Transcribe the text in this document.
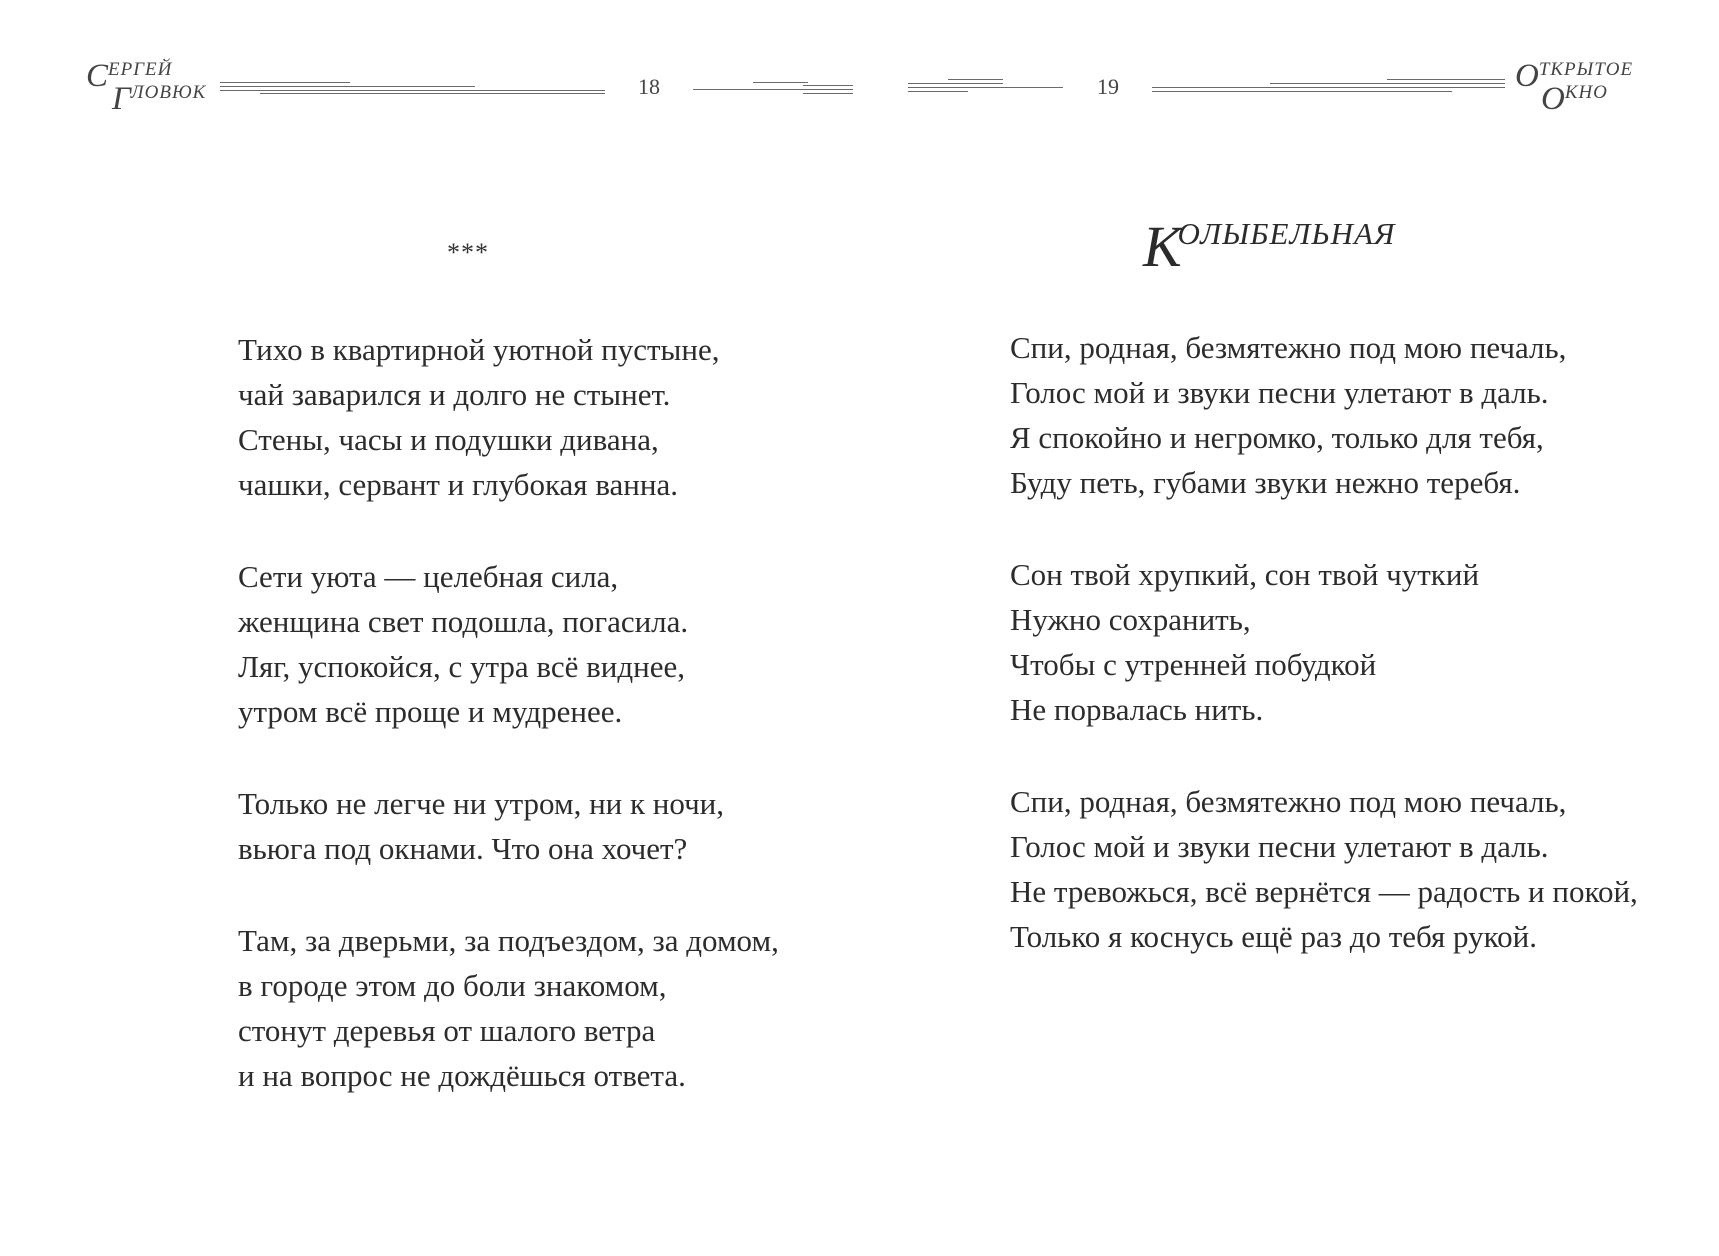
СЕРГЕЙ
ГЛОВЮК	18	19	ОТКРЫТОЕ
ОКНО
***
Тихо в квартирной уютной пустыне,
чай заварился и долго не стынет.
Стены, часы и подушки дивана,
чашки, сервант и глубокая ванна.
Сети уюта — целебная сила,
женщина свет подошла, погасила.
Ляг, успокойся, с утра всё виднее,
утром всё проще и мудренее.
Только не легче ни утром, ни к ночи,
вьюга под окнами. Что она хочет?
Там, за дверьми, за подъездом, за домом,
в городе этом до боли знакомом,
стонут деревья от шалого ветра
и на вопрос не дождёшься ответа.
КОЛЫБЕЛЬНАЯ
Спи, родная, безмятежно под мою печаль,
Голос мой и звуки песни улетают в даль.
Я спокойно и негромко, только для тебя,
Буду петь, губами звуки нежно теребя.
Сон твой хрупкий, сон твой чуткий
Нужно сохранить,
Чтобы с утренней побудкой
Не порвалась нить.
Спи, родная, безмятежно под мою печаль,
Голос мой и звуки песни улетают в даль.
Не тревожься, всё вернётся — радость и покой,
Только я коснусь ещё раз до тебя рукой.
